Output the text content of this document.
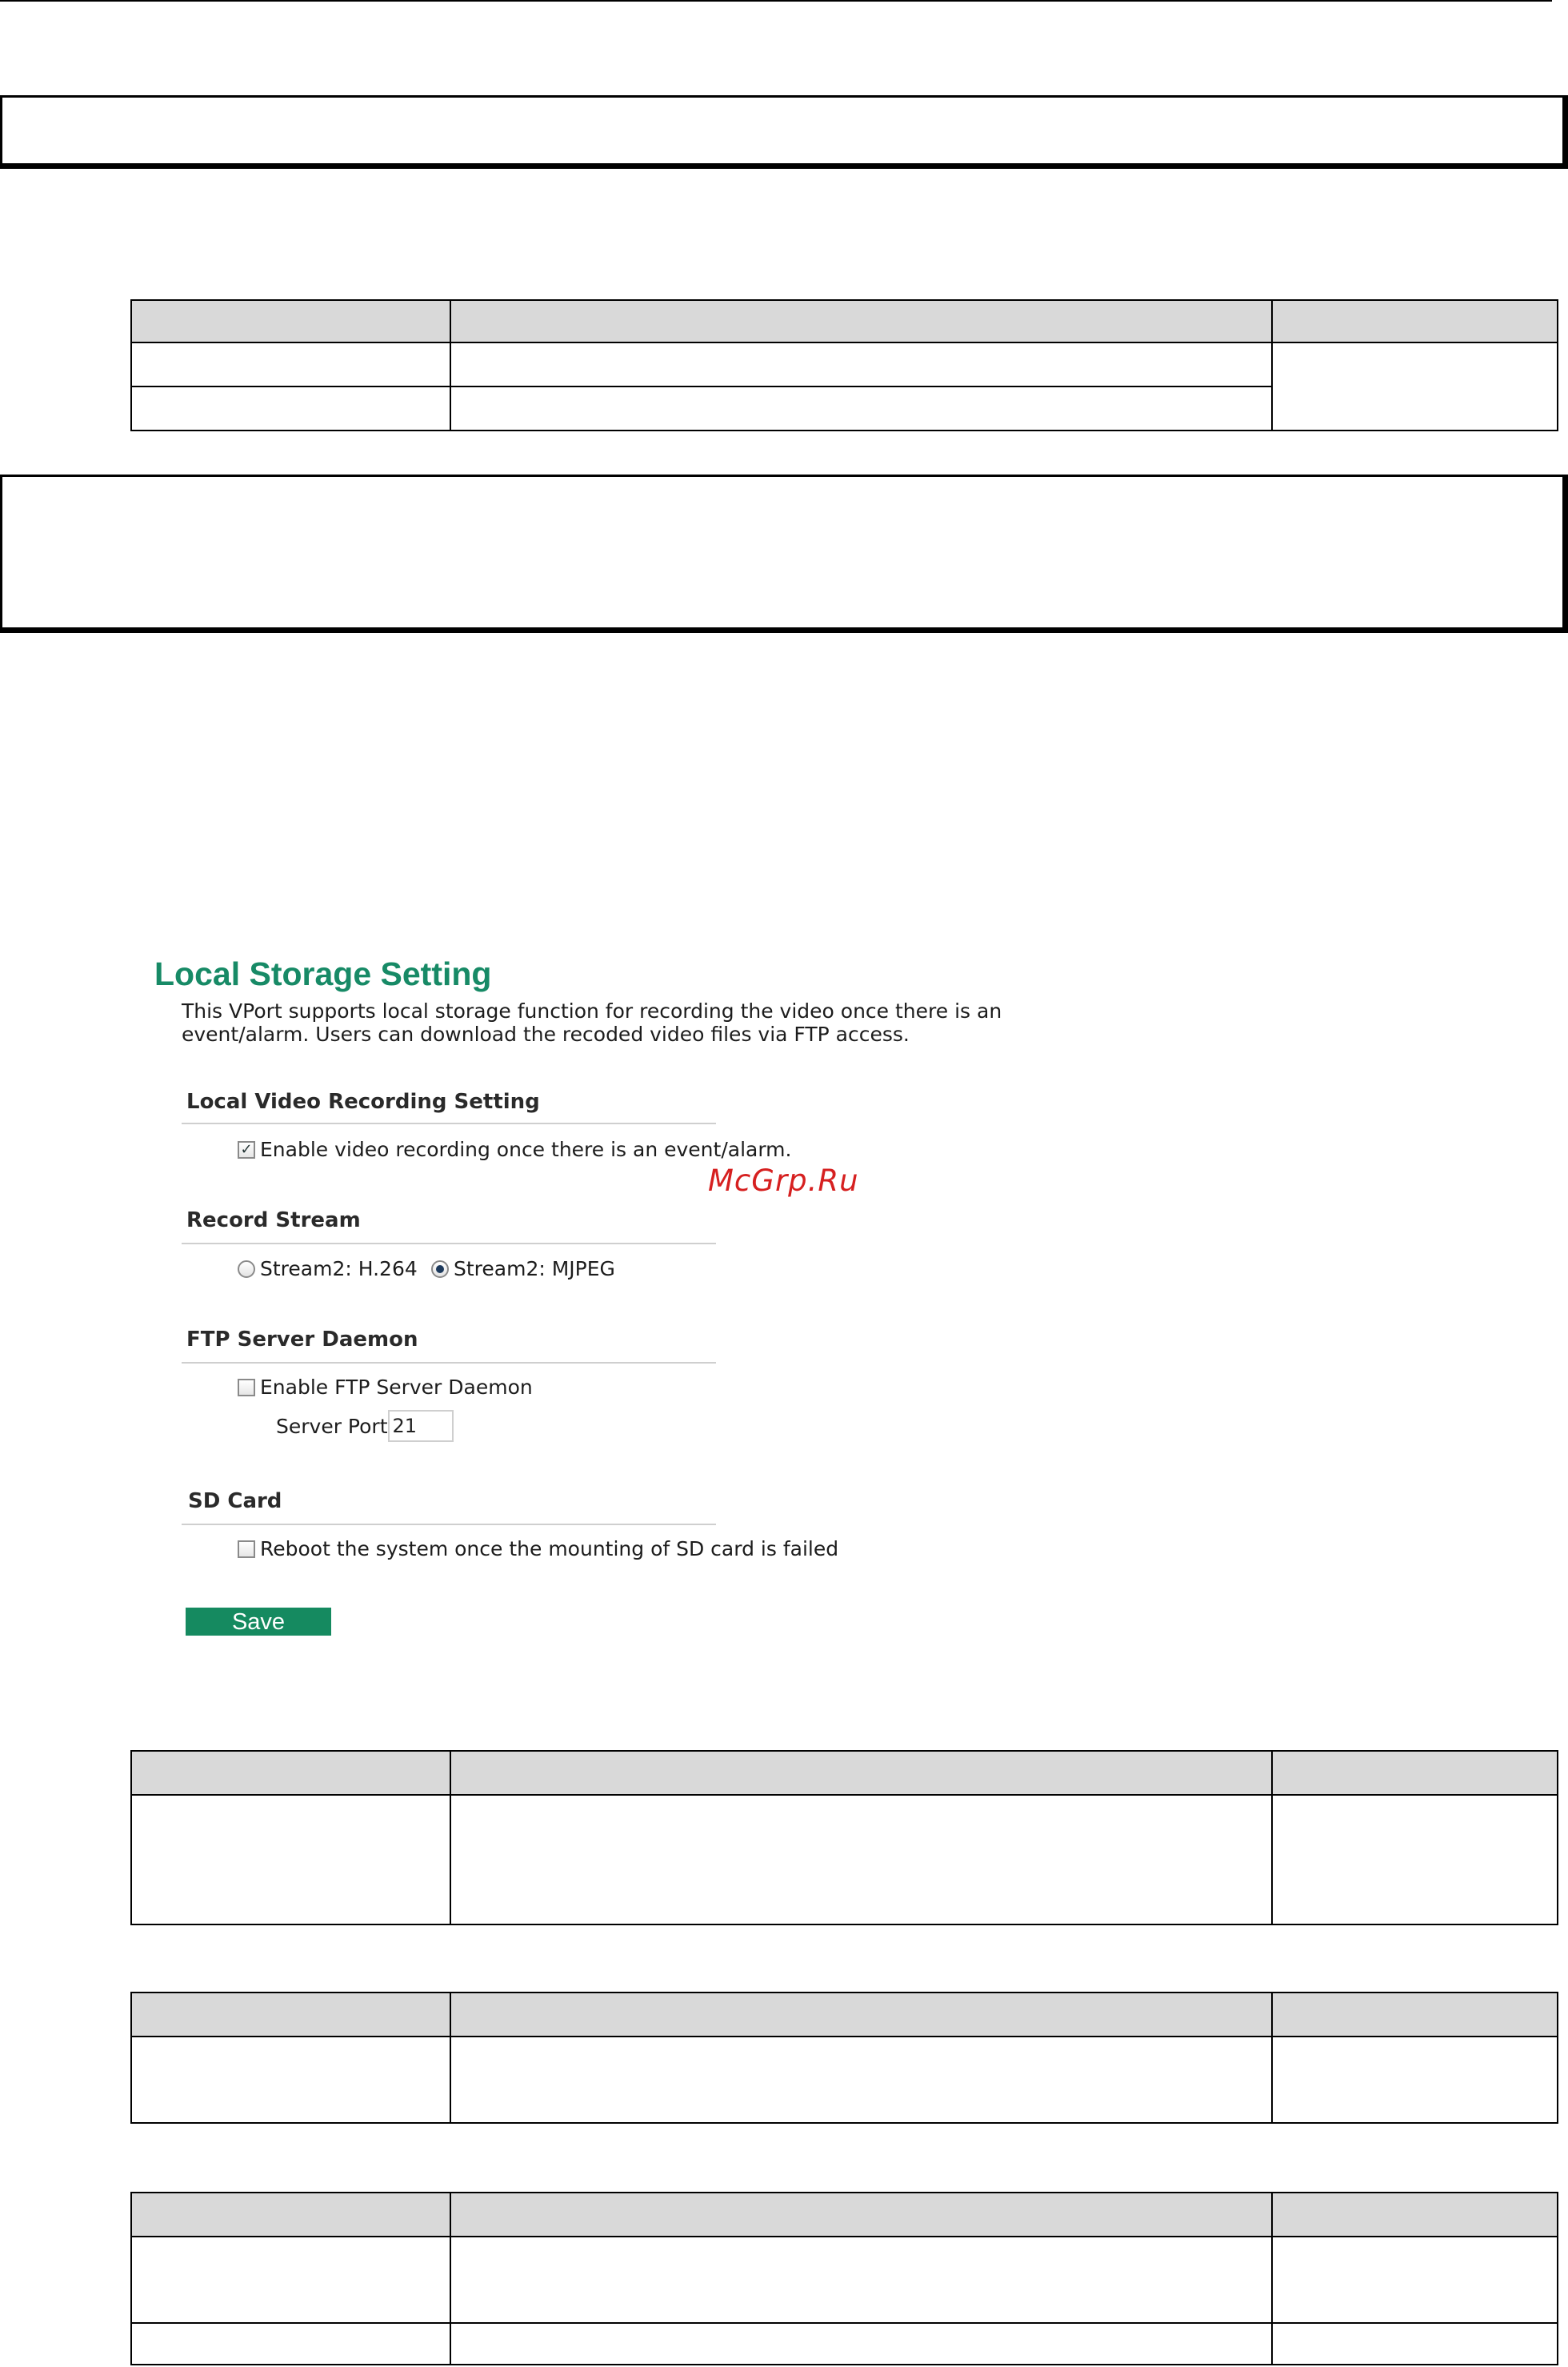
Local Storage Setting
This VPort supports local storage function for recording the video once there is an
event/alarm. Users can download the recoded video files via FTP access.
Local Video Recording Setting
✓ Enable video recording once there is an event/alarm.
Record Stream
Stream2: H.264 Stream2: MJPEG
FTP Server Daemon
Enable FTP Server Daemon
Server Port
21
SD Card
Reboot the system once the mounting of SD card is failed
Save
McGrp.Ru
